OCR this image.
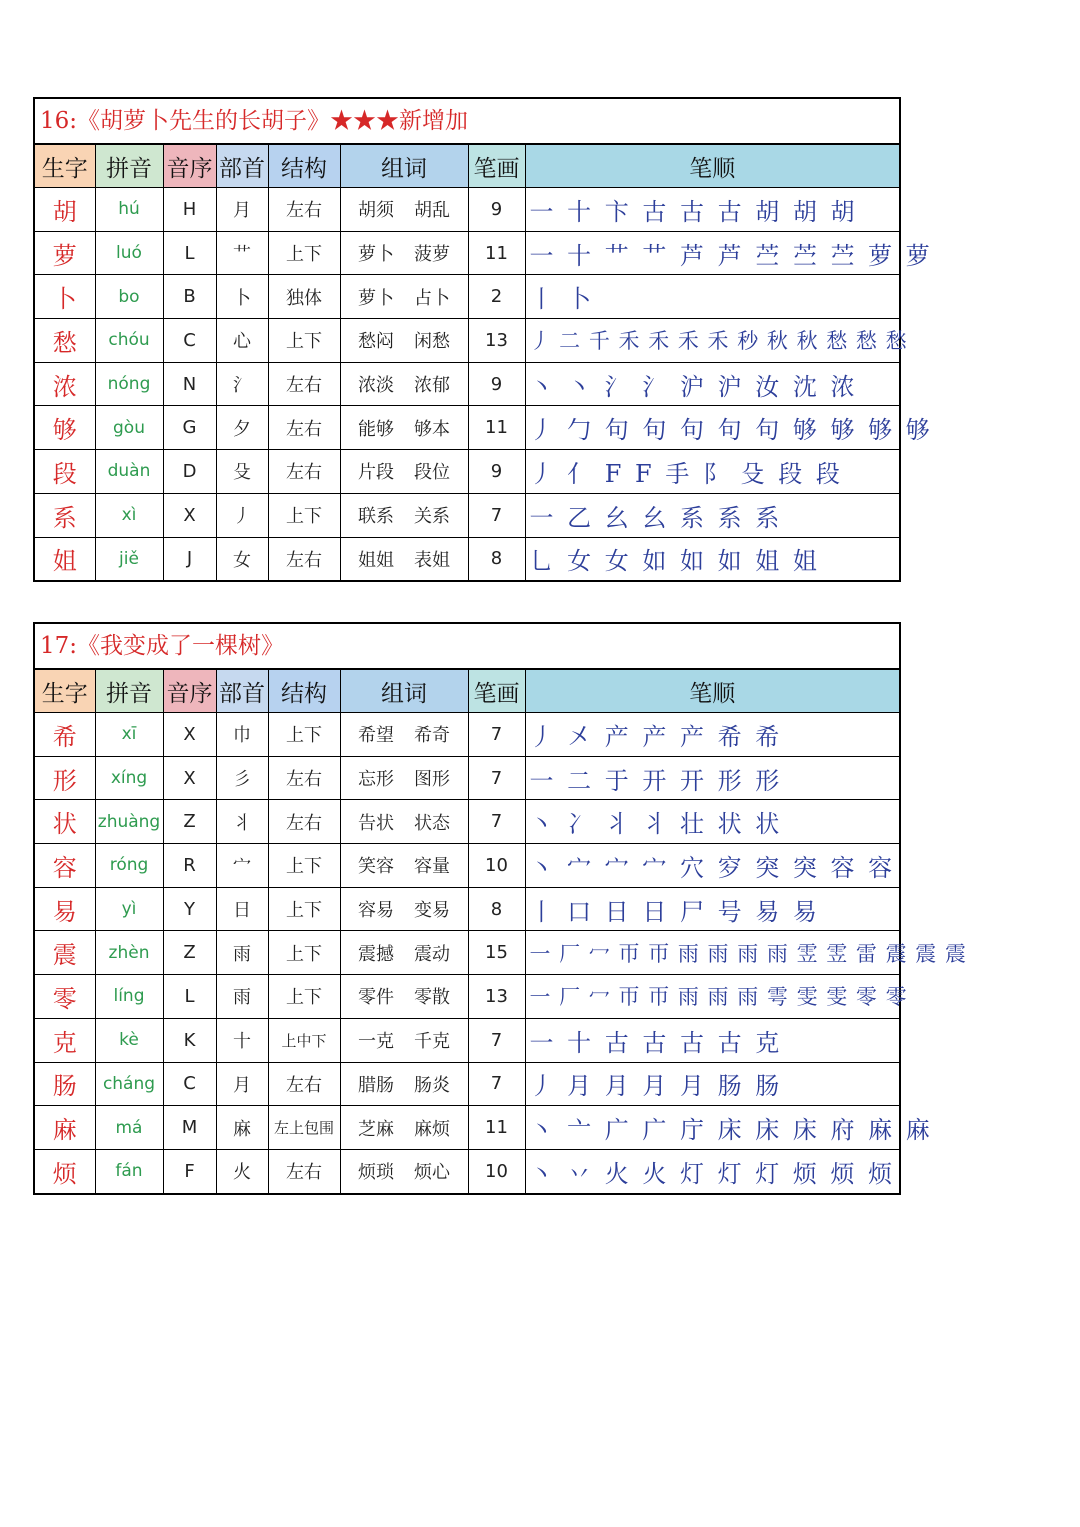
16:《胡萝卜先生的长胡子》★★★新增加
生字	拼音	音序	部首	结构	组词	笔画	笔顺
胡	hú	H	月	左右	胡须 胡乱	9	一 十 卞 古 古 古 胡 胡 胡
萝	luó	L	艹	上下	萝卜 菠萝	11	一 十 艹 艹 芦 芦 苎 苎 苎 萝 萝
卜	bo	B	卜	独体	萝卜 占卜	2	丨 卜
愁	chóu	C	心	上下	愁闷 闲愁	13	丿 二 千 禾 禾 禾 禾 秒 秋 秋 愁 愁 愁
浓	nóng	N	氵	左右	浓淡 浓郁	9	丶 丶 氵 氵 沪 沪 汝 沈 浓
够	gòu	G	夕	左右	能够 够本	11	丿 勹 句 句 句 句 句 够 够 够 够
段	duàn	D	殳	左右	片段 段位	9	丿 亻 F F 手 阝 殳 段 段
系	xì	X	丿	上下	联系 关系	7	一 乙 幺 幺 系 系 系
姐	jiě	J	女	左右	姐姐 表姐	8	乚 女 女 如 如 如 姐 姐
17:《我变成了一棵树》
生字	拼音	音序	部首	结构	组词	笔画	笔顺
希	xī	X	巾	上下	希望 希奇	7	丿 㐅 产 产 产 希 希
形	xíng	X	彡	左右	忘形 图形	7	一 二 于 开 开 形 形
状	zhuàng	Z	丬	左右	告状 状态	7	丶 冫 丬 丬 壮 状 状
容	róng	R	宀	上下	笑容 容量	10	丶 宀 宀 宀 穴 穸 突 突 容 容
易	yì	Y	日	上下	容易 变易	8	丨 口 日 日 尸 号 易 易
震	zhèn	Z	雨	上下	震撼 震动	15	一 厂 冖 帀 帀 雨 雨 雨 雨 雴 雴 雷 震 震 震
零	líng	L	雨	上下	零件 零散	13	一 厂 冖 帀 帀 雨 雨 雨 雩 雯 雯 零 零
克	kè	K	十	上中下	一克 千克	7	一 十 古 古 古 古 克
肠	cháng	C	月	左右	腊肠 肠炎	7	丿 月 月 月 月 肠 肠
麻	má	M	麻	左上包围	芝麻 麻烦	11	丶 亠 广 广 庁 床 床 床 府 麻 麻
烦	fán	F	火	左右	烦琐 烦心	10	丶 丷 火 火 灯 灯 灯 烦 烦 烦
